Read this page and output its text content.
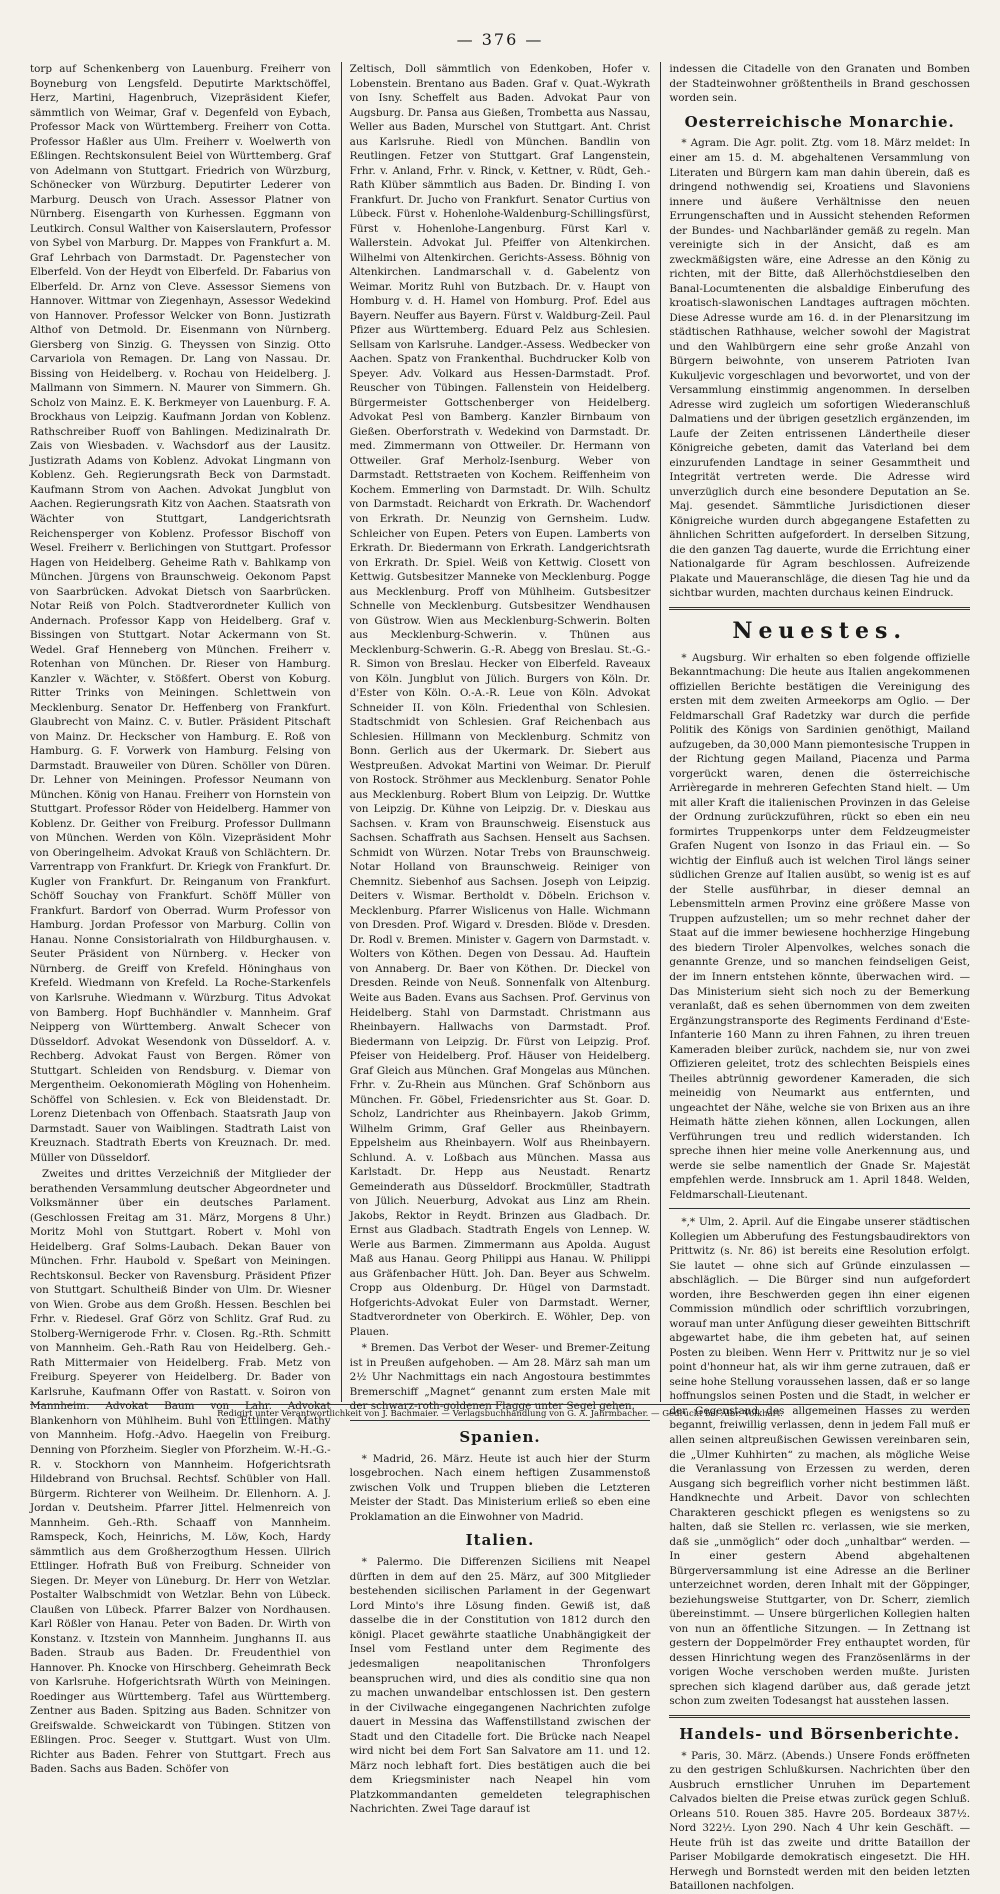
— 376 —

torp auf Schenkenberg von Lauenburg. Freiherr von Boyneburg von Lengsfeld. Deputirte Marktschöffel, Herz, Martini, Hagenbruch, Vizepräsident Kiefer, sämmtlich von Weimar, Graf v. Degenfeld von Eybach, Professor Mack von Württemberg. Freiherr von Cotta. Professor Haßler aus Ulm. Freiherr v. Woelwerth von Eßlingen. Rechtskonsulent Beiel von Württemberg. Graf von Adelmann von Stuttgart. Friedrich von Würzburg, Schönecker von Würzburg. Deputirter Lederer von Marburg. Deusch von Urach. Assessor Platner von Nürnberg. Eisengarth von Kurhessen. Eggmann von Leutkirch. Consul Walther von Kaiserslautern, Professor von Sybel von Marburg. Dr. Mappes von Frankfurt a. M. Graf Lehrbach von Darmstadt. Dr. Pagenstecher von Elberfeld. Von der Heydt von Elberfeld. Dr. Fabarius von Elberfeld. Dr. Arnz von Cleve. Assessor Siemens von Hannover. Wittmar von Ziegenhayn, Assessor Wedekind von Hannover. Professor Welcker von Bonn. Justizrath Althof von Detmold. Dr. Eisenmann von Nürnberg. Giersberg von Sinzig. G. Theyssen von Sinzig. Otto Carvariola von Remagen. Dr. Lang von Nassau. Dr. Bissing von Heidelberg. v. Rochau von Heidelberg. J. Mallmann von Simmern. N. Maurer von Simmern. Gh. Scholz von Mainz. E. K. Berkmeyer von Lauenburg. F. A. Brockhaus von Leipzig. Kaufmann Jordan von Koblenz. Rathschreiber Ruoff von Bahlingen. Medizinalrath Dr. Zais von Wiesbaden. v. Wachsdorf aus der Lausitz. Justizrath Adams von Koblenz. Advokat Lingmann von Koblenz. Geh. Regierungsrath Beck von Darmstadt. Kaufmann Strom von Aachen. Advokat Jungblut von Aachen. Regierungsrath Kitz von Aachen. Staatsrath von Wächter von Stuttgart, Landgerichtsrath Reichensperger von Koblenz. Professor Bischoff von Wesel. Freiherr v. Berlichingen von Stuttgart. Professor Hagen von Heidelberg. Geheime Rath v. Bahlkamp von München. Jürgens von Braunschweig. Oekonom Papst von Saarbrücken. Advokat Dietsch von Saarbrücken. Notar Reiß von Polch. Stadtverordneter Kullich von Andernach. Professor Kapp von Heidelberg. Graf v. Bissingen von Stuttgart. Notar Ackermann von St. Wedel. Graf Henneberg von München. Freiherr v. Rotenhan von München. Dr. Rieser von Hamburg. Kanzler v. Wächter, v. Stößfert. Oberst von Koburg. Ritter Trinks von Meiningen. Schlettwein von Mecklenburg. Senator Dr. Heffenberg von Frankfurt. Glaubrecht von Mainz. C. v. Butler. Präsident Pitschaft von Mainz. Dr. Heckscher von Hamburg. E. Roß von Hamburg. G. F. Vorwerk von Hamburg. Felsing von Darmstadt. Brauweiler von Düren. Schöller von Düren. Dr. Lehner von Meiningen. Professor Neumann von München. König von Hanau. Freiherr von Hornstein von Stuttgart. Professor Röder von Heidelberg. Hammer von Koblenz. Dr. Geither von Freiburg. Professor Dullmann von München. Werden von Köln. Vizepräsident Mohr von Oberingelheim. Advokat Krauß von Schlächtern. Dr. Varrentrapp von Frankfurt. Dr. Kriegk von Frankfurt. Dr. Kugler von Frankfurt. Dr. Reinganum von Frankfurt. Schöff Souchay von Frankfurt. Schöff Müller von Frankfurt. Bardorf von Oberrad. Wurm Professor von Hamburg. Jordan Professor von Marburg. Collin von Hanau. Nonne Consistorialrath von Hildburghausen. v. Seuter Präsident von Nürnberg. v. Hecker von Nürnberg. de Greiff von Krefeld. Höninghaus von Krefeld. Wiedmann von Krefeld. La Roche-Starkenfels von Karlsruhe. Wiedmann v. Würzburg. Titus Advokat von Bamberg. Hopf Buchhändler v. Mannheim. Graf Neipperg von Württemberg. Anwalt Schecer von Düsseldorf. Advokat Wesendonk von Düsseldorf. A. v. Rechberg. Advokat Faust von Bergen. Römer von Stuttgart. Schleiden von Rendsburg. v. Diemar von Mergentheim. Oekonomierath Mögling von Hohenheim. Schöffel von Schlesien. v. Eck von Bleidenstadt. Dr. Lorenz Dietenbach von Offenbach. Staatsrath Jaup von Darmstadt. Sauer von Waiblingen. Stadtrath Laist von Kreuznach. Stadtrath Eberts von Kreuznach. Dr. med. Müller von Düsseldorf.

Zweites und drittes Verzeichniß der Mitglieder der berathenden Versammlung deutscher Abgeordneter und Volksmänner über ein deutsches Parlament. (Geschlossen Freitag am 31. März, Morgens 8 Uhr.) Moritz Mohl von Stuttgart. Robert v. Mohl von Heidelberg. Graf Solms-Laubach. Dekan Bauer von München. Frhr. Haubold v. Speßart von Meiningen. Rechtskonsul. Becker von Ravensburg. Präsident Pfizer von Stuttgart. Schultheiß Binder von Ulm. Dr. Wiesner von Wien. Grobe aus dem Großh. Hessen. Beschlen bei Frhr. v. Riedesel. Graf Görz von Schlitz. Graf Rud. zu Stolberg-Wernigerode Frhr. v. Closen. Rg.-Rth. Schmitt von Mannheim. Geh.-Rath Rau von Heidelberg. Geh.-Rath Mittermaier von Heidelberg. Frab. Metz von Freiburg. Speyerer von Heidelberg. Dr. Bader von Karlsruhe, Kaufmann Offer von Rastatt. v. Soiron von Mannheim. Advokat Baum von Lahr. Advokat Blankenhorn von Mühlheim. Buhl von Ettlingen. Mathy von Mannheim. Hofg.-Advo. Haegelin von Freiburg. Denning von Pforzheim. Siegler von Pforzheim. W.-H.-G.-R. v. Stockhorn von Mannheim. Hofgerichtsrath Hildebrand von Bruchsal. Rechtsf. Schübler von Hall. Bürgerm. Richterer von Weilheim. Dr. Ellenhorn. A. J. Jordan v. Deutsheim. Pfarrer Jittel. Helmenreich von Mannheim. Geh.-Rth. Schaaff von Mannheim. Ramspeck, Koch, Heinrichs, M. Löw, Koch, Hardy sämmtlich aus dem Großherzogthum Hessen. Ullrich Ettlinger. Hofrath Buß von Freiburg. Schneider von Siegen. Dr. Meyer von Lüneburg. Dr. Herr von Wetzlar. Postalter Walbschmidt von Wetzlar. Behn von Lübeck. Claußen von Lübeck. Pfarrer Balzer von Nordhausen. Karl Rößler von Hanau. Peter von Baden. Dr. Wirth von Konstanz. v. Itzstein von Mannheim. Junghanns II. aus Baden. Straub aus Baden. Dr. Freudenthiel von Hannover. Ph. Knocke von Hirschberg. Geheimrath Beck von Karlsruhe. Hofgerichtsrath Würth von Meiningen. Roedinger aus Württemberg. Tafel aus Württemberg. Zentner aus Baden. Spitzing aus Baden. Schnitzer von Greifswalde. Schweickardt von Tübingen. Stitzen von Eßlingen. Proc. Seeger v. Stuttgart. Wust von Ulm. Richter aus Baden. Fehrer von Stuttgart. Frech aus Baden. Sachs aus Baden. Schöfer von

Zeltisch, Doll sämmtlich von Edenkoben, Hofer v. Lobenstein. Brentano aus Baden. Graf v. Quat.-Wykrath von Isny. Scheffelt aus Baden. Advokat Paur von Augsburg. Dr. Pansa aus Gießen, Trombetta aus Nassau, Weller aus Baden, Murschel von Stuttgart. Ant. Christ aus Karlsruhe. Riedl von München. Bandlin von Reutlingen. Fetzer von Stuttgart. Graf Langenstein, Frhr. v. Anland, Frhr. v. Rinck, v. Kettner, v. Rüdt, Geh.-Rath Klüber sämmtlich aus Baden. Dr. Binding I. von Frankfurt. Dr. Jucho von Frankfurt. Senator Curtius von Lübeck. Fürst v. Hohenlohe-Waldenburg-Schillingsfürst, Fürst v. Hohenlohe-Langenburg. Fürst Karl v. Wallerstein. Advokat Jul. Pfeiffer von Altenkirchen. Wilhelmi von Altenkirchen. Gerichts-Assess. Böhnig von Altenkirchen. Landmarschall v. d. Gabelentz von Weimar. Moritz Ruhl von Butzbach. Dr. v. Haupt von Homburg v. d. H. Hamel von Homburg. Prof. Edel aus Bayern. Neuffer aus Bayern. Fürst v. Waldburg-Zeil. Paul Pfizer aus Württemberg. Eduard Pelz aus Schlesien. Sellsam von Karlsruhe. Landger.-Assess. Wedbecker von Aachen. Spatz von Frankenthal. Buchdrucker Kolb von Speyer. Adv. Volkard aus Hessen-Darmstadt. Prof. Reuscher von Tübingen. Fallenstein von Heidelberg. Bürgermeister Gottschenberger von Heidelberg. Advokat Pesl von Bamberg. Kanzler Birnbaum von Gießen. Oberforstrath v. Wedekind von Darmstadt. Dr. med. Zimmermann von Ottweiler. Dr. Hermann von Ottweiler. Graf Merholz-Isenburg. Weber von Darmstadt. Rettstraeten von Kochem. Reiffenheim von Kochem. Emmerling von Darmstadt. Dr. Wilh. Schultz von Darmstadt. Reichardt von Erkrath. Dr. Wachendorf von Erkrath. Dr. Neunzig von Gernsheim. Ludw. Schleicher von Eupen. Peters von Eupen. Lamberts von Erkrath. Dr. Biedermann von Erkrath. Landgerichtsrath von Erkrath. Dr. Spiel. Weiß von Kettwig. Closett von Kettwig. Gutsbesitzer Manneke von Mecklenburg. Pogge aus Mecklenburg. Proff von Mühlheim. Gutsbesitzer Schnelle von Mecklenburg. Gutsbesitzer Wendhausen von Güstrow. Wien aus Mecklenburg-Schwerin. Bolten aus Mecklenburg-Schwerin. v. Thünen aus Mecklenburg-Schwerin. G.-R. Abegg von Breslau. St.-G.-R. Simon von Breslau. Hecker von Elberfeld. Raveaux von Köln. Jungblut von Jülich. Burgers von Köln. Dr. d'Ester von Köln. O.-A.-R. Leue von Köln. Advokat Schneider II. von Köln. Friedenthal von Schlesien. Stadtschmidt von Schlesien. Graf Reichenbach aus Schlesien. Hillmann von Mecklenburg. Schmitz von Bonn. Gerlich aus der Ukermark. Dr. Siebert aus Westpreußen. Advokat Martini von Weimar. Dr. Pierulf von Rostock. Ströhmer aus Mecklenburg. Senator Pohle aus Mecklenburg. Robert Blum von Leipzig. Dr. Wuttke von Leipzig. Dr. Kühne von Leipzig. Dr. v. Dieskau aus Sachsen. v. Kram von Braunschweig. Eisenstuck aus Sachsen. Schaffrath aus Sachsen. Henselt aus Sachsen. Schmidt von Würzen. Notar Trebs von Braunschweig. Notar Holland von Braunschweig. Reiniger von Chemnitz. Siebenhof aus Sachsen. Joseph von Leipzig. Deiters v. Wismar. Bertholdt v. Döbeln. Erichson v. Mecklenburg. Pfarrer Wislicenus von Halle. Wichmann von Dresden. Prof. Wigard v. Dresden. Blöde v. Dresden. Dr. Rodl v. Bremen. Minister v. Gagern von Darmstadt. v. Wolters von Köthen. Degen von Dessau. Ad. Hauftein von Annaberg. Dr. Baer von Köthen. Dr. Dieckel von Dresden. Reinde von Neuß. Sonnenfalk von Altenburg. Weite aus Baden. Evans aus Sachsen. Prof. Gervinus von Heidelberg. Stahl von Darmstadt. Christmann aus Rheinbayern. Hallwachs von Darmstadt. Prof. Biedermann von Leipzig. Dr. Fürst von Leipzig. Prof. Pfeiser von Heidelberg. Prof. Häuser von Heidelberg. Graf Gleich aus München. Graf Mongelas aus München. Frhr. v. Zu-Rhein aus München. Graf Schönborn aus München. Fr. Göbel, Friedensrichter aus St. Goar. D. Scholz, Landrichter aus Rheinbayern. Jakob Grimm, Wilhelm Grimm, Graf Geller aus Rheinbayern. Eppelsheim aus Rheinbayern. Wolf aus Rheinbayern. Schlund. A. v. Loßbach aus München. Massa aus Karlstadt. Dr. Hepp aus Neustadt. Renartz Gemeinderath aus Düsseldorf. Brockmüller, Stadtrath von Jülich. Neuerburg, Advokat aus Linz am Rhein. Jakobs, Rektor in Reydt. Brinzen aus Gladbach. Dr. Ernst aus Gladbach. Stadtrath Engels von Lennep. W. Werle aus Barmen. Zimmermann aus Apolda. August Maß aus Hanau. Georg Philippi aus Hanau. W. Philippi aus Gräfenbacher Hütt. Joh. Dan. Beyer aus Schwelm. Cropp aus Oldenburg. Dr. Hügel von Darmstadt. Hofgerichts-Advokat Euler von Darmstadt. Werner, Stadtverordneter von Oberkirch. E. Wöhler, Dep. von Plauen.

* Bremen. Das Verbot der Weser- und Bremer-Zeitung ist in Preußen aufgehoben. — Am 28. März sah man um 2½ Uhr Nachmittags ein nach Angostoura bestimmtes Bremerschiff „Magnet“ genannt zum ersten Male mit der schwarz-roth-goldenen Flagge unter Segel gehen.

Spanien.

* Madrid, 26. März. Heute ist auch hier der Sturm losgebrochen. Nach einem heftigen Zusammenstoß zwischen Volk und Truppen blieben die Letzteren Meister der Stadt. Das Ministerium erließ so eben eine Proklamation an die Einwohner von Madrid.

Italien.

* Palermo. Die Differenzen Siciliens mit Neapel dürften in dem auf den 25. März, auf 300 Mitglieder bestehenden sicilischen Parlament in der Gegenwart Lord Minto's ihre Lösung finden. Gewiß ist, daß dasselbe die in der Constitution von 1812 durch den königl. Placet gewährte staatliche Unabhängigkeit der Insel vom Festland unter dem Regimente des jedesmaligen neapolitanischen Thronfolgers beanspruchen wird, und dies als conditio sine qua non zu machen unwandelbar entschlossen ist. Den gestern in der Civilwache eingegangenen Nachrichten zufolge dauert in Messina das Waffenstillstand zwischen der Stadt und den Citadelle fort. Die Brücke nach Neapel wird nicht bei dem Fort San Salvatore am 11. und 12. März noch lebhaft fort. Dies bestätigen auch die bei dem Kriegsminister nach Neapel hin vom Platzkommandanten gemeldeten telegraphischen Nachrichten. Zwei Tage darauf ist

indessen die Citadelle von den Granaten und Bomben der Stadteinwohner größtentheils in Brand geschossen worden sein.

Oesterreichische Monarchie.

* Agram. Die Agr. polit. Ztg. vom 18. März meldet: In einer am 15. d. M. abgehaltenen Versammlung von Literaten und Bürgern kam man dahin überein, daß es dringend nothwendig sei, Kroatiens und Slavoniens innere und äußere Verhältnisse den neuen Errungenschaften und in Aussicht stehenden Reformen der Bundes- und Nachbarländer gemäß zu regeln. Man vereinigte sich in der Ansicht, daß es am zweckmäßigsten wäre, eine Adresse an den König zu richten, mit der Bitte, daß Allerhöchstdieselben den Banal-Locumtenenten die alsbaldige Einberufung des kroatisch-slawonischen Landtages auftragen möchten. Diese Adresse wurde am 16. d. in der Plenarsitzung im städtischen Rathhause, welcher sowohl der Magistrat und den Wahlbürgern eine sehr große Anzahl von Bürgern beiwohnte, von unserem Patrioten Ivan Kukuljevic vorgeschlagen und bevorwortet, und von der Versammlung einstimmig angenommen. In derselben Adresse wird zugleich um sofortigen Wiederanschluß Dalmatiens und der übrigen gesetzlich ergänzenden, im Laufe der Zeiten entrissenen Ländertheile dieser Königreiche gebeten, damit das Vaterland bei dem einzurufenden Landtage in seiner Gesammtheit und Integrität vertreten werde. Die Adresse wird unverzüglich durch eine besondere Deputation an Se. Maj. gesendet. Sämmtliche Jurisdictionen dieser Königreiche wurden durch abgegangene Estafetten zu ähnlichen Schritten aufgefordert. In derselben Sitzung, die den ganzen Tag dauerte, wurde die Errichtung einer Nationalgarde für Agram beschlossen. Aufreizende Plakate und Maueranschläge, die diesen Tag hie und da sichtbar wurden, machten durchaus keinen Eindruck.

Neuestes.

* Augsburg. Wir erhalten so eben folgende offizielle Bekanntmachung: Die heute aus Italien angekommenen offiziellen Berichte bestätigen die Vereinigung des ersten mit dem zweiten Armeekorps am Oglio. — Der Feldmarschall Graf Radetzky war durch die perfide Politik des Königs von Sardinien genöthigt, Mailand aufzugeben, da 30,000 Mann piemontesische Truppen in der Richtung gegen Mailand, Piacenza und Parma vorgerückt waren, denen die österreichische Arrièregarde in mehreren Gefechten Stand hielt. — Um mit aller Kraft die italienischen Provinzen in das Geleise der Ordnung zurückzuführen, rückt so eben ein neu formirtes Truppenkorps unter dem Feldzeugmeister Grafen Nugent von Isonzo in das Friaul ein. — So wichtig der Einfluß auch ist welchen Tirol längs seiner südlichen Grenze auf Italien ausübt, so wenig ist es auf der Stelle ausführbar, in dieser demnal an Lebensmitteln armen Provinz eine größere Masse von Truppen aufzustellen; um so mehr rechnet daher der Staat auf die immer bewiesene hochherzige Hingebung des biedern Tiroler Alpenvolkes, welches sonach die genannte Grenze, und so manchen feindseligen Geist, der im Innern entstehen könnte, überwachen wird. — Das Ministerium sieht sich noch zu der Bemerkung veranlaßt, daß es sehen übernommen von dem zweiten Ergänzungstransporte des Regiments Ferdinand d'Este-Infanterie 160 Mann zu ihren Fahnen, zu ihren treuen Kameraden bleiber zurück, nachdem sie, nur von zwei Offizieren geleitet, trotz des schlechten Beispiels eines Theiles abtrünnig gewordener Kameraden, die sich meineidig von Neumarkt aus entfernten, und ungeachtet der Nähe, welche sie von Brixen aus an ihre Heimath hätte ziehen können, allen Lockungen, allen Verführungen treu und redlich widerstanden. Ich spreche ihnen hier meine volle Anerkennung aus, und werde sie selbe namentlich der Gnade Sr. Majestät empfehlen werde. Innsbruck am 1. April 1848. Welden, Feldmarschall-Lieutenant.

*‚* Ulm, 2. April. Auf die Eingabe unserer städtischen Kollegien um Abberufung des Festungsbaudirektors von Prittwitz (s. Nr. 86) ist bereits eine Resolution erfolgt. Sie lautet — ohne sich auf Gründe einzulassen — abschläglich. — Die Bürger sind nun aufgefordert worden, ihre Beschwerden gegen ihn einer eigenen Commission mündlich oder schriftlich vorzubringen, worauf man unter Anfügung dieser geweihten Bittschrift abgewartet habe, die ihm gebeten hat, auf seinen Posten zu bleiben. Wenn Herr v. Prittwitz nur je so viel point d'honneur hat, als wir ihm gerne zutrauen, daß er seine hohe Stellung voraussehen lassen, daß er so lange hoffnungslos seinen Posten und die Stadt, in welcher er der Gegenstand des allgemeinen Hasses zu werden begannt, freiwillig verlassen, denn in jedem Fall muß er allen seinen altpreußischen Gewissen vereinbaren sein, die „Ulmer Kuhhirten“ zu machen, als mögliche Weise die Veranlassung von Erzessen zu werden, deren Ausgang sich begreiflich vorher nicht bestimmen läßt. Handknechte und Arbeit. Davor von schlechten Charakteren geschickt pflegen es wenigstens so zu halten, daß sie Stellen rc. verlassen, wie sie merken, daß sie „unmöglich“ oder doch „unhaltbar“ werden. — In einer gestern Abend abgehaltenen Bürgerversammlung ist eine Adresse an die Berliner unterzeichnet worden, deren Inhalt mit der Göppinger, beziehungsweise Stuttgarter, von Dr. Scherr, ziemlich übereinstimmt. — Unsere bürgerlichen Kollegien halten von nun an öffentliche Sitzungen. — In Zettnang ist gestern der Doppelmörder Frey enthauptet worden, für dessen Hinrichtung wegen des Französenlärms in der vorigen Woche verschoben werden mußte. Juristen sprechen sich klagend darüber aus, daß gerade jetzt schon zum zweiten Todesangst hat ausstehen lassen.

Handels- und Börsenberichte.

* Paris, 30. März. (Abends.) Unsere Fonds eröffneten zu den gestrigen Schlußkursen. Nachrichten über den Ausbruch ernstlicher Unruhen im Departement Calvados bielten die Preise etwas zurück gegen Schluß. Orleans 510. Rouen 385. Havre 205. Bordeaux 387½. Nord 322½. Lyon 290. Nach 4 Uhr kein Geschäft. — Heute früh ist das zweite und dritte Bataillon der Pariser Mobilgarde demokratisch eingesetzt. Die HH. Herwegh und Bornstedt werden mit den beiden letzten Bataillonen nachfolgen.

Redigirt unter Verantwortlichkeit von J. Bachmaier. — Verlagsbuchhandlung von G. A. Jahrmbacher. — Gedruckt bei Albr. Volkhart.
